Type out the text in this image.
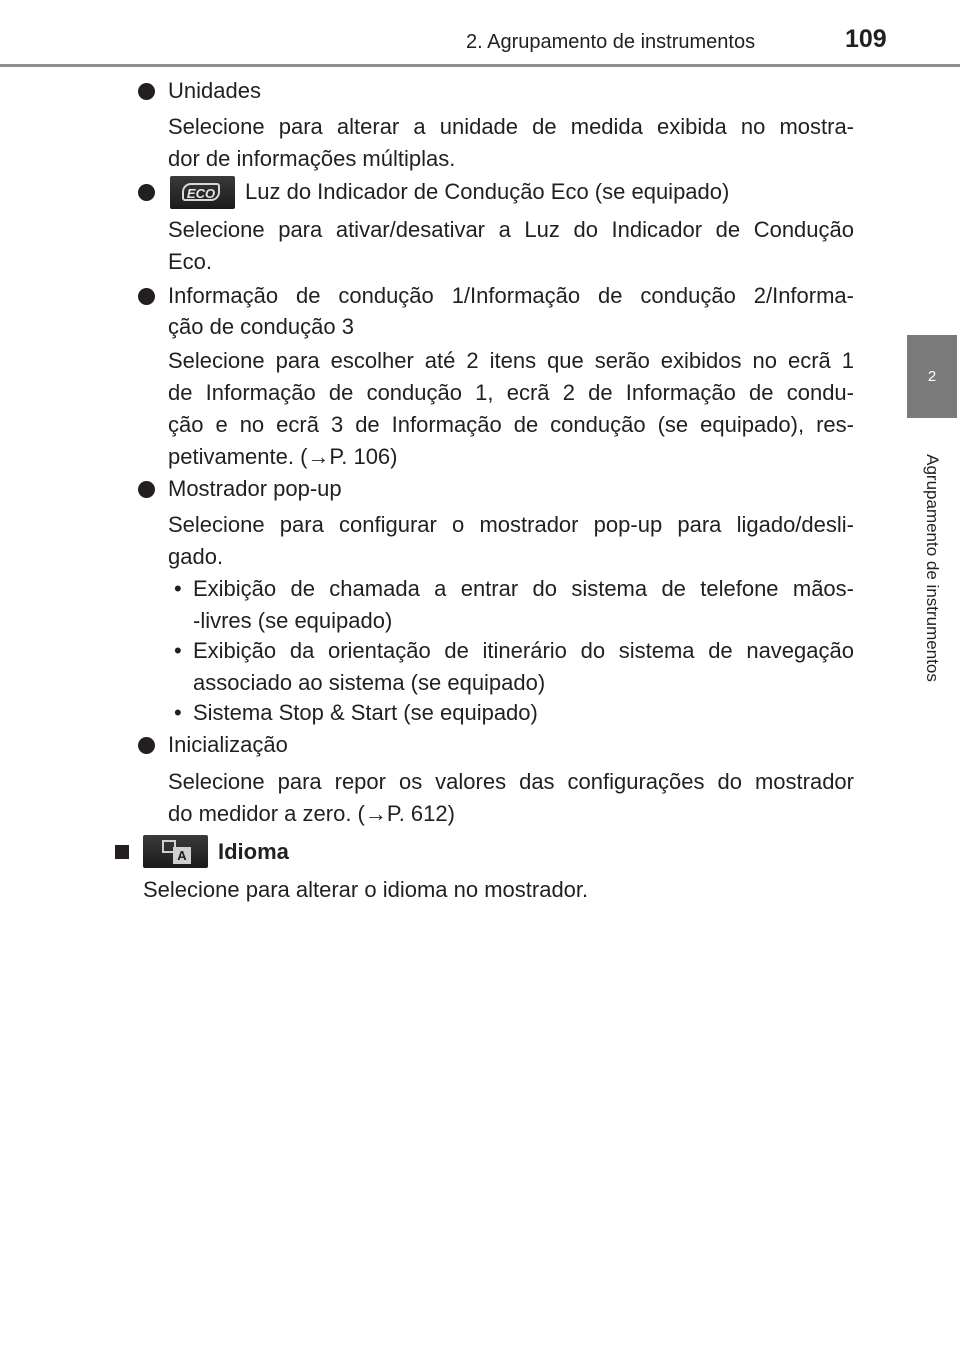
2. Agrupamento de instrumentos	109
2
Agrupamento de instrumentos
Unidades
Selecione para alterar a unidade de medida exibida no mostra-
dor de informações múltiplas.
ECO Luz do Indicador de Condução Eco (se equipado)
Selecione para ativar/desativar a Luz do Indicador de Condução
Eco.
Informação de condução 1/Informação de condução 2/Informa-
ção de condução 3
Selecione para escolher até 2 itens que serão exibidos no ecrã 1
de Informação de condução 1, ecrã 2 de Informação de condu-
ção e no ecrã 3 de Informação de condução (se equipado), res-
petivamente. (→P. 106)
Mostrador pop-up
Selecione para configurar o mostrador pop-up para ligado/desli-
gado.
• Exibição de chamada a entrar do sistema de telefone mãos-
-livres (se equipado)
• Exibição da orientação de itinerário do sistema de navegação
associado ao sistema (se equipado)
• Sistema Stop & Start (se equipado)
Inicialização
Selecione para repor os valores das configurações do mostrador
do medidor a zero. (→P. 612)
A Idioma
Selecione para alterar o idioma no mostrador.
